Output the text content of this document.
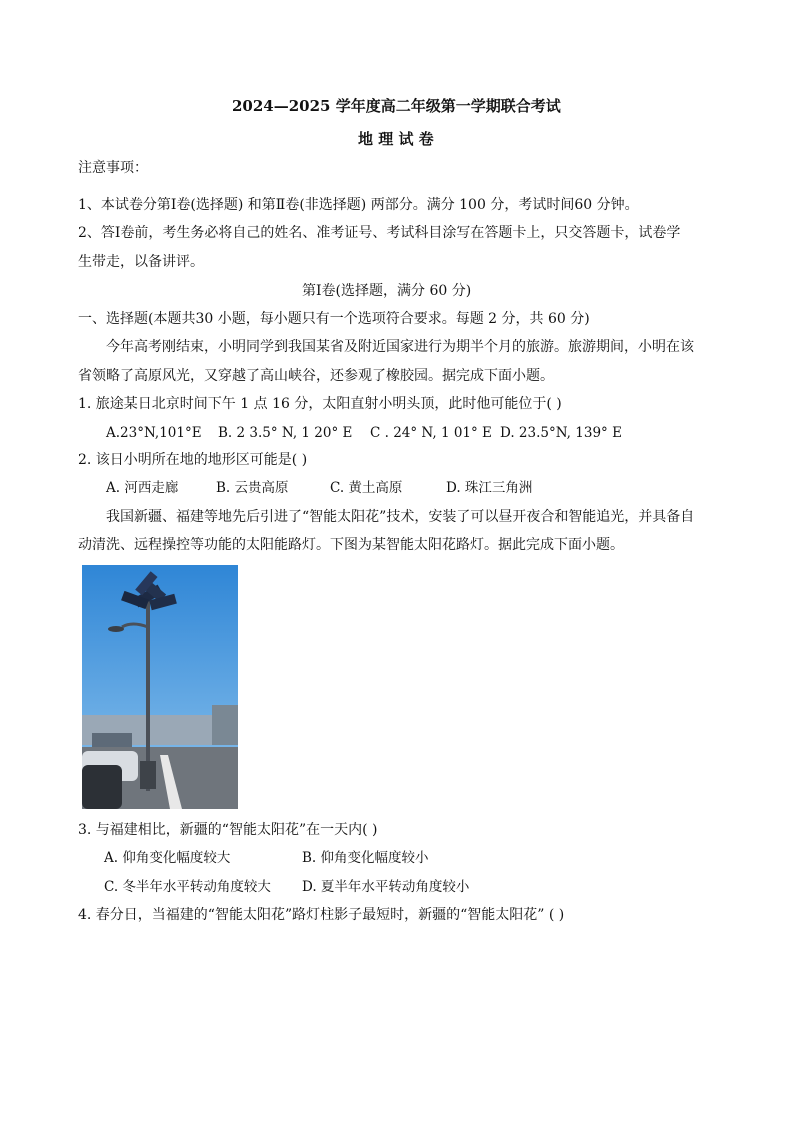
2024—2025 学年度高二年级第一学期联合考试
地 理 试 卷
注意事项：
1、本试卷分第Ⅰ卷(选择题) 和第Ⅱ卷(非选择题) 两部分。满分 100 分，考试时间60 分钟。
2、答Ⅰ卷前，考生务必将自己的姓名、准考证号、考试科目涂写在答题卡上，只交答题卡，试卷学
生带走，以备讲评。
第Ⅰ卷(选择题，满分 60 分)
一、选择题(本题共30 小题，每小题只有一个选项符合要求。每题 2 分，共 60 分)
今年高考刚结束，小明同学到我国某省及附近国家进行为期半个月的旅游。旅游期间，小明在该
省领略了高原风光，又穿越了高山峡谷，还参观了橡胶园。据完成下面小题。
1. 旅途某日北京时间下午 1 点 16 分，太阳直射小明头顶，此时他可能位于( )
A.23°N,101°E B. 2 3.5° N, 1 20° E C . 24° N, 1 01° E D. 23.5°N, 139° E
2. 该日小明所在地的地形区可能是( )
A. 河西走廊	B. 云贵高原	C. 黄土高原	D. 珠江三角洲
我国新疆、福建等地先后引进了“智能太阳花”技术，安装了可以昼开夜合和智能追光，并具备自
动清洗、远程操控等功能的太阳能路灯。下图为某智能太阳花路灯。据此完成下面小题。
3. 与福建相比，新疆的“智能太阳花”在一天内( )
A. 仰角变化幅度较大	B. 仰角变化幅度较小
C. 冬半年水平转动角度较大 D. 夏半年水平转动角度较小
4. 春分日，当福建的“智能太阳花”路灯柱影子最短时，新疆的“智能太阳花” ( )
